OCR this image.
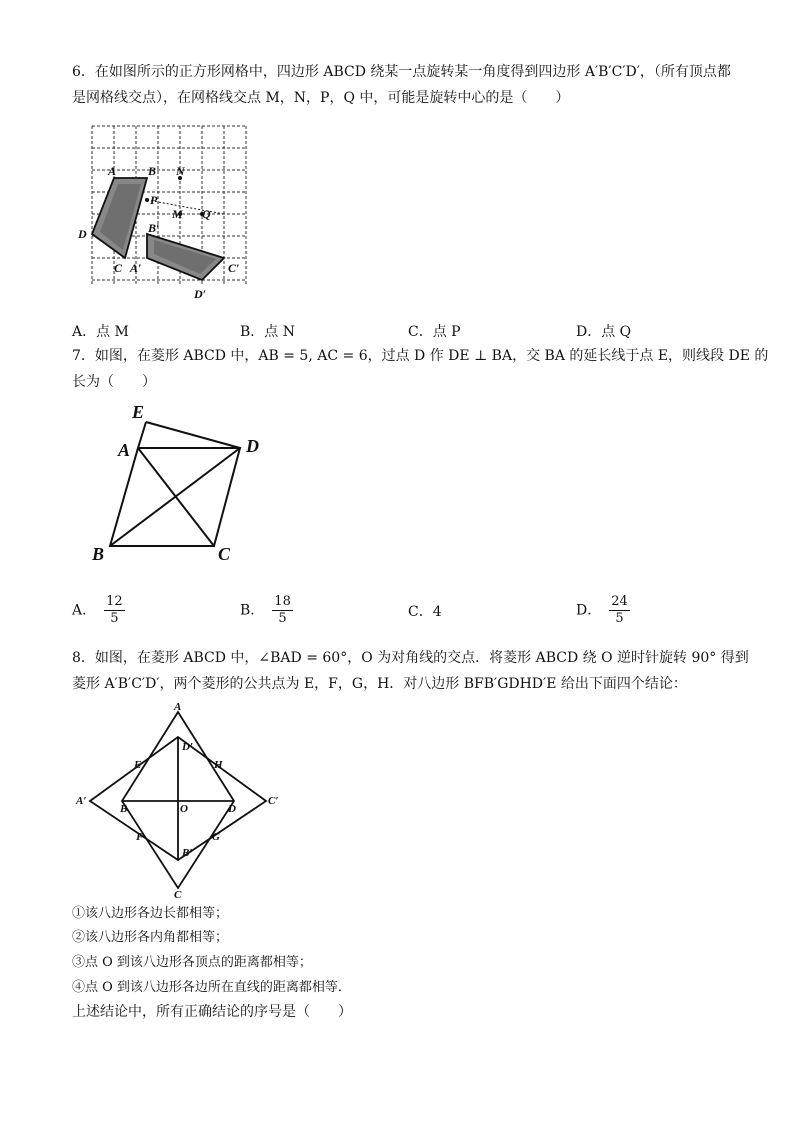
6．在如图所示的正方形网格中，四边形 ABCD 绕某一点旋转某一角度得到四边形 A′B′C′D′，（所有顶点都
是网格线交点），在网格线交点 M，N，P，Q 中，可能是旋转中心的是（　　）
A	B N
P
M Q
D	B′
C A′	C′
D′
A．点 M	B．点 N	C．点 P	D．点 Q
7．如图，在菱形 ABCD 中，AB = 5, AC = 6，过点 D 作 DE ⊥ BA，交 BA 的延长线于点 E，则线段 DE 的
长为（　　）
E
A	D
B	C
A． $\frac{12}{5}$	B． $\frac{18}{5}$	C．4	D． $\frac{24}{5}$
8．如图，在菱形 ABCD 中，∠BAD = 60°，O 为对角线的交点．将菱形 ABCD 绕 O 逆时针旋转 90° 得到
菱形 A′B′C′D′，两个菱形的公共点为 E，F，G，H．对八边形 BFB′GDHD′E 给出下面四个结论：
A
D′
E	H
A′
B	O	D
C′
F	G
B′
C
①该八边形各边长都相等；
②该八边形各内角都相等；
③点 O 到该八边形各顶点的距离都相等；
④点 O 到该八边形各边所在直线的距离都相等．
上述结论中，所有正确结论的序号是（　　）
